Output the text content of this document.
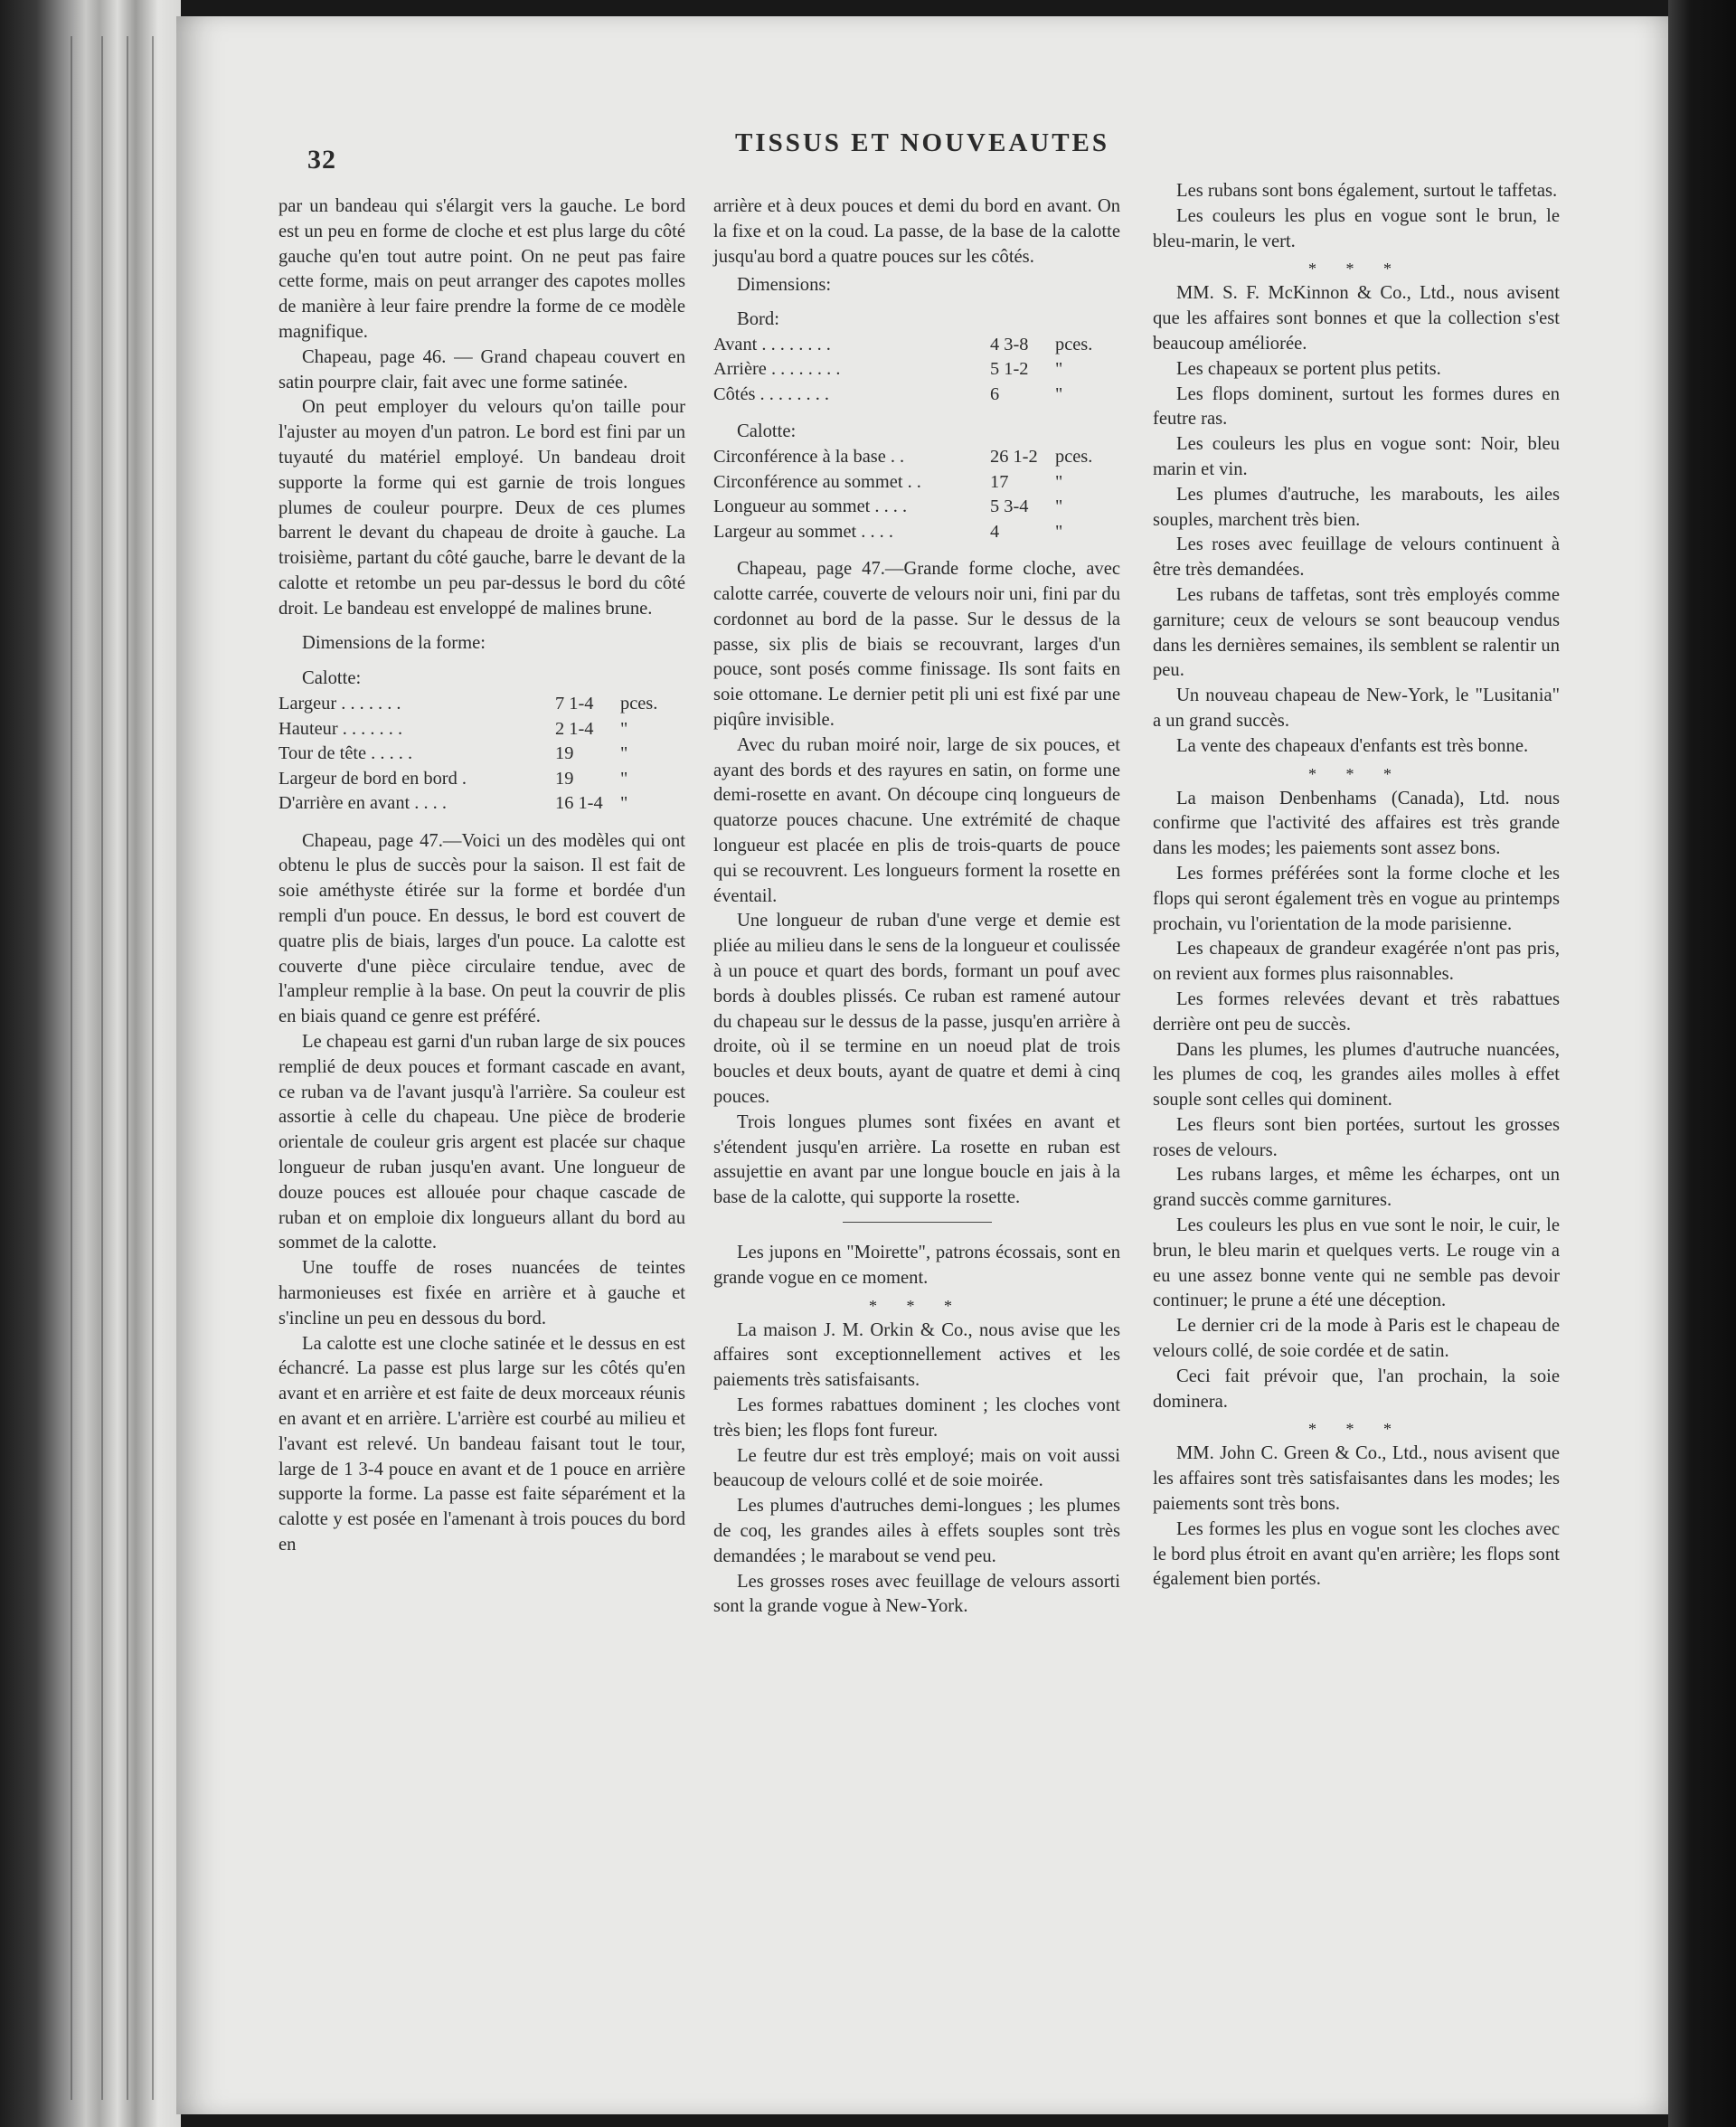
32
TISSUS ET NOUVEAUTES

par un bandeau qui s'élargit vers la gauche. Le bord est un peu en forme de cloche et est plus large du côté gauche qu'en tout autre point. On ne peut pas faire cette forme, mais on peut arranger des capotes molles de manière à leur faire prendre la forme de ce modèle magnifique.

Chapeau, page 46. — Grand chapeau couvert en satin pourpre clair, fait avec une forme satinée.

On peut employer du velours qu'on taille pour l'ajuster au moyen d'un patron. Le bord est fini par un tuyauté du matériel employé. Un bandeau droit supporte la forme qui est garnie de trois longues plumes de couleur pourpre. Deux de ces plumes barrent le devant du chapeau de droite à gauche. La troisième, partant du côté gauche, barre le devant de la calotte et retombe un peu par-dessus le bord du côté droit. Le bandeau est enveloppé de malines brune.

Dimensions de la forme:

Calotte:

Largeur . . . . . . .	7 1-4	pces.
Hauteur . . . . . . .	2 1-4	"
Tour de tête . . . . .	19	"
Largeur de bord en bord .	19	"
D'arrière en avant . . . .	16 1-4	"

Chapeau, page 47.—Voici un des modèles qui ont obtenu le plus de succès pour la saison. Il est fait de soie améthyste étirée sur la forme et bordée d'un rempli d'un pouce. En dessus, le bord est couvert de quatre plis de biais, larges d'un pouce. La calotte est couverte d'une pièce circulaire tendue, avec de l'ampleur remplie à la base. On peut la couvrir de plis en biais quand ce genre est préféré.

Le chapeau est garni d'un ruban large de six pouces remplié de deux pouces et formant cascade en avant, ce ruban va de l'avant jusqu'à l'arrière. Sa couleur est assortie à celle du chapeau. Une pièce de broderie orientale de couleur gris argent est placée sur chaque longueur de ruban jusqu'en avant. Une longueur de douze pouces est allouée pour chaque cascade de ruban et on emploie dix longueurs allant du bord au sommet de la calotte.

Une touffe de roses nuancées de teintes harmonieuses est fixée en arrière et à gauche et s'incline un peu en dessous du bord.

La calotte est une cloche satinée et le dessus en est échancré. La passe est plus large sur les côtés qu'en avant et en arrière et est faite de deux morceaux réunis en avant et en arrière. L'arrière est courbé au milieu et l'avant est relevé. Un bandeau faisant tout le tour, large de 1 3-4 pouce en avant et de 1 pouce en arrière supporte la forme. La passe est faite séparément et la calotte y est posée en l'amenant à trois pouces du bord en

arrière et à deux pouces et demi du bord en avant. On la fixe et on la coud. La passe, de la base de la calotte jusqu'au bord a quatre pouces sur les côtés.

Dimensions:

Bord:

Avant . . . . . . . .	4 3-8	pces.
Arrière . . . . . . . .	5 1-2	"
Côtés . . . . . . . .	6	"

Calotte:

Circonférence à la base . .	26 1-2	pces.
Circonférence au sommet . .	17	"
Longueur au sommet . . . .	5 3-4	"
Largeur au sommet . . . .	4	"

Chapeau, page 47.—Grande forme cloche, avec calotte carrée, couverte de velours noir uni, fini par du cordonnet au bord de la passe. Sur le dessus de la passe, six plis de biais se recouvrant, larges d'un pouce, sont posés comme finissage. Ils sont faits en soie ottomane. Le dernier petit pli uni est fixé par une piqûre invisible.

Avec du ruban moiré noir, large de six pouces, et ayant des bords et des rayures en satin, on forme une demi-rosette en avant. On découpe cinq longueurs de quatorze pouces chacune. Une extrémité de chaque longueur est placée en plis de trois-quarts de pouce qui se recouvrent. Les longueurs forment la rosette en éventail.

Une longueur de ruban d'une verge et demie est pliée au milieu dans le sens de la longueur et coulissée à un pouce et quart des bords, formant un pouf avec bords à doubles plissés. Ce ruban est ramené autour du chapeau sur le dessus de la passe, jusqu'en arrière à droite, où il se termine en un noeud plat de trois boucles et deux bouts, ayant de quatre et demi à cinq pouces.

Trois longues plumes sont fixées en avant et s'étendent jusqu'en arrière. La rosette en ruban est assujettie en avant par une longue boucle en jais à la base de la calotte, qui supporte la rosette.

Les jupons en "Moirette", patrons écossais, sont en grande vogue en ce moment.

* * *

La maison J. M. Orkin & Co., nous avise que les affaires sont exceptionnellement actives et les paiements très satisfaisants.

Les formes rabattues dominent ; les cloches vont très bien; les flops font fureur.

Le feutre dur est très employé; mais on voit aussi beaucoup de velours collé et de soie moirée.

Les plumes d'autruches demi-longues ; les plumes de coq, les grandes ailes à effets souples sont très demandées ; le marabout se vend peu.

Les grosses roses avec feuillage de velours assorti sont la grande vogue à New-York.

Les rubans sont bons également, surtout le taffetas.

Les couleurs les plus en vogue sont le brun, le bleu-marin, le vert.

* * *

MM. S. F. McKinnon & Co., Ltd., nous avisent que les affaires sont bonnes et que la collection s'est beaucoup améliorée.

Les chapeaux se portent plus petits.

Les flops dominent, surtout les formes dures en feutre ras.

Les couleurs les plus en vogue sont: Noir, bleu marin et vin.

Les plumes d'autruche, les marabouts, les ailes souples, marchent très bien.

Les roses avec feuillage de velours continuent à être très demandées.

Les rubans de taffetas, sont très employés comme garniture; ceux de velours se sont beaucoup vendus dans les dernières semaines, ils semblent se ralentir un peu.

Un nouveau chapeau de New-York, le "Lusitania" a un grand succès.

La vente des chapeaux d'enfants est très bonne.

* * *

La maison Denbenhams (Canada), Ltd. nous confirme que l'activité des affaires est très grande dans les modes; les paiements sont assez bons.

Les formes préférées sont la forme cloche et les flops qui seront également très en vogue au printemps prochain, vu l'orientation de la mode parisienne.

Les chapeaux de grandeur exagérée n'ont pas pris, on revient aux formes plus raisonnables.

Les formes relevées devant et très rabattues derrière ont peu de succès.

Dans les plumes, les plumes d'autruche nuancées, les plumes de coq, les grandes ailes molles à effet souple sont celles qui dominent.

Les fleurs sont bien portées, surtout les grosses roses de velours.

Les rubans larges, et même les écharpes, ont un grand succès comme garnitures.

Les couleurs les plus en vue sont le noir, le cuir, le brun, le bleu marin et quelques verts. Le rouge vin a eu une assez bonne vente qui ne semble pas devoir continuer; le prune a été une déception.

Le dernier cri de la mode à Paris est le chapeau de velours collé, de soie cordée et de satin.

Ceci fait prévoir que, l'an prochain, la soie dominera.

* * *

MM. John C. Green & Co., Ltd., nous avisent que les affaires sont très satisfaisantes dans les modes; les paiements sont très bons.

Les formes les plus en vogue sont les cloches avec le bord plus étroit en avant qu'en arrière; les flops sont également bien portés.
